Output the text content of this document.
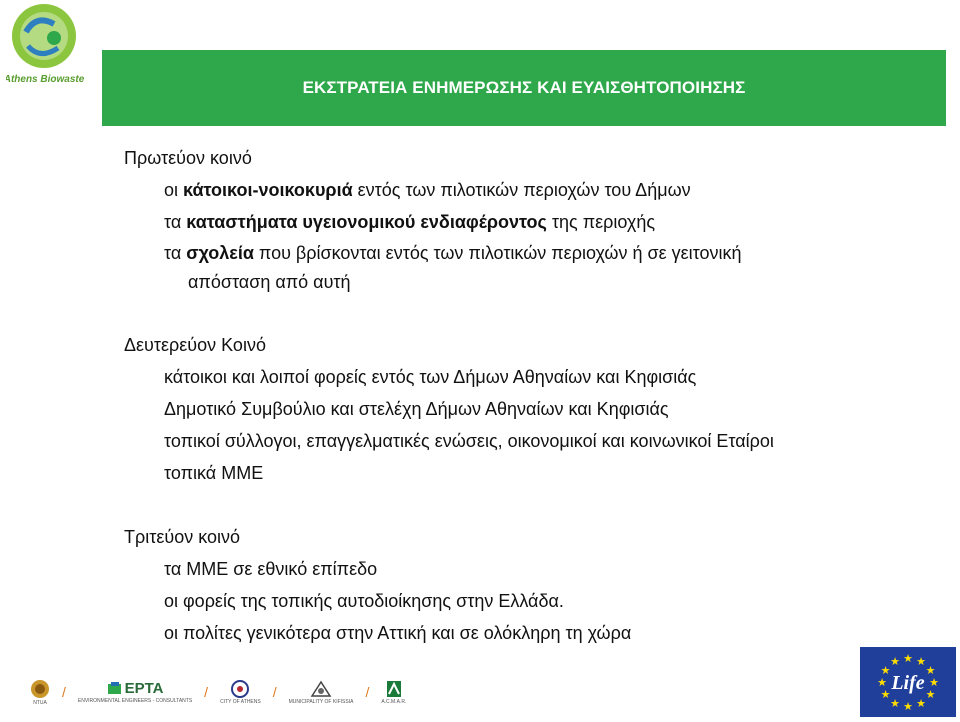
Athens Biowaste	ΕΚΣΤΡΑΤΕΙΑ ΕΝΗΜΕΡΩΣΗΣ ΚΑΙ ΕΥΑΙΣΘΗΤΟΠΟΙΗΣΗΣ

Πρωτεύον κοινό

οι κάτοικοι-νοικοκυριά εντός των πιλοτικών περιοχών του Δήμων

τα καταστήματα υγειονομικού ενδιαφέροντος της περιοχής

τα σχολεία που βρίσκονται εντός των πιλοτικών περιοχών ή σε γειτονική απόσταση από αυτή

Δευτερεύον Κοινό

κάτοικοι και λοιποί φορείς εντός των Δήμων Αθηναίων και Κηφισιάς

Δημοτικό Συμβούλιο και στελέχη Δήμων Αθηναίων και Κηφισιάς

τοπικοί σύλλογοι, επαγγελματικές ενώσεις, οικονομικοί και κοινωνικοί Εταίροι

τοπικά ΜΜΕ

Τριτεύον κοινό

τα ΜΜΕ σε εθνικό επίπεδο

οι φορείς της τοπικής αυτοδιοίκησης στην Ελλάδα.

οι πολίτες γενικότερα στην Αττική και σε ολόκληρη τη χώρα

NTUA
/	ΕΡΤΑ
ENVIRONMENTAL ENGINEERS - CONSULTANTS
/
CITY OF ATHENS
/
MUNICIPALITY OF KIFISSIA
/
A.C.M.A.R.
★
★
★
★
★
★
★
★
★ ★ ★
★
Life
